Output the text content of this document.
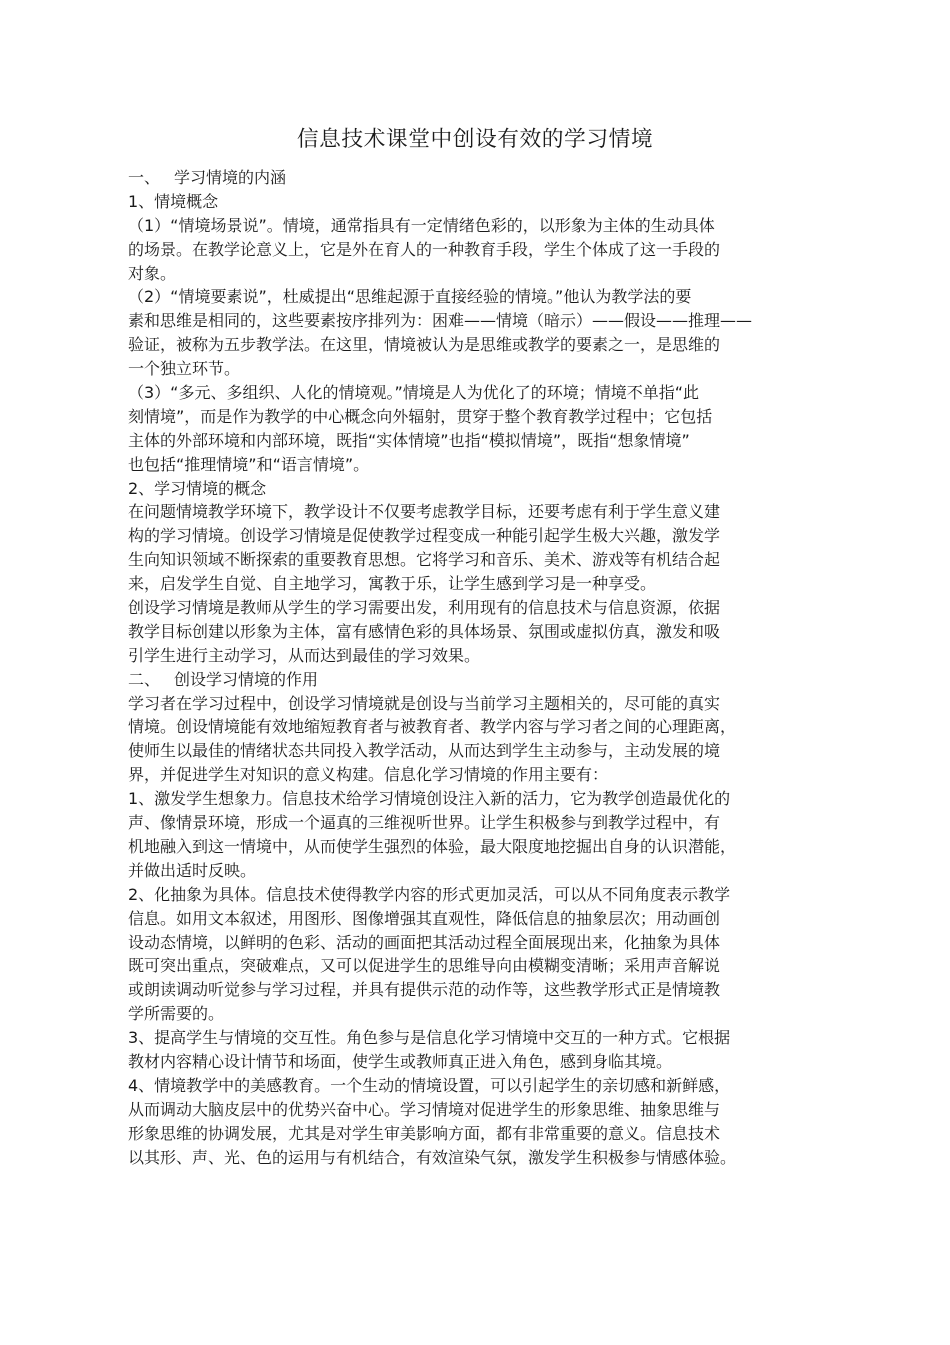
信息技术课堂中创设有效的学习情境
一、 学习情境的内涵
1、情境概念
（1）“情境场景说”。情境，通常指具有一定情绪色彩的，以形象为主体的生动具体
的场景。在教学论意义上，它是外在育人的一种教育手段，学生个体成了这一手段的
对象。
（2）“情境要素说”，杜威提出“思维起源于直接经验的情境。”他认为教学法的要
素和思维是相同的，这些要素按序排列为：困难——情境（暗示）——假设——推理——
验证，被称为五步教学法。在这里，情境被认为是思维或教学的要素之一，是思维的
一个独立环节。
（3）“多元、多组织、人化的情境观。”情境是人为优化了的环境；情境不单指“此
刻情境”，而是作为教学的中心概念向外辐射，贯穿于整个教育教学过程中；它包括
主体的外部环境和内部环境，既指“实体情境”也指“模拟情境”，既指“想象情境”
也包括“推理情境”和“语言情境”。
2、学习情境的概念
在问题情境教学环境下，教学设计不仅要考虑教学目标，还要考虑有利于学生意义建
构的学习情境。创设学习情境是促使教学过程变成一种能引起学生极大兴趣，激发学
生向知识领域不断探索的重要教育思想。它将学习和音乐、美术、游戏等有机结合起
来，启发学生自觉、自主地学习，寓教于乐，让学生感到学习是一种享受。
创设学习情境是教师从学生的学习需要出发，利用现有的信息技术与信息资源，依据
教学目标创建以形象为主体，富有感情色彩的具体场景、氛围或虚拟仿真，激发和吸
引学生进行主动学习，从而达到最佳的学习效果。
二、 创设学习情境的作用
学习者在学习过程中，创设学习情境就是创设与当前学习主题相关的，尽可能的真实
情境。创设情境能有效地缩短教育者与被教育者、教学内容与学习者之间的心理距离，
使师生以最佳的情绪状态共同投入教学活动，从而达到学生主动参与，主动发展的境
界，并促进学生对知识的意义构建。信息化学习情境的作用主要有：
1、激发学生想象力。信息技术给学习情境创设注入新的活力，它为教学创造最优化的
声、像情景环境，形成一个逼真的三维视听世界。让学生积极参与到教学过程中，有
机地融入到这一情境中，从而使学生强烈的体验，最大限度地挖掘出自身的认识潜能，
并做出适时反映。
2、化抽象为具体。信息技术使得教学内容的形式更加灵活，可以从不同角度表示教学
信息。如用文本叙述，用图形、图像增强其直观性，降低信息的抽象层次；用动画创
设动态情境，以鲜明的色彩、活动的画面把其活动过程全面展现出来，化抽象为具体
既可突出重点，突破难点，又可以促进学生的思维导向由模糊变清晰；采用声音解说
或朗读调动听觉参与学习过程，并具有提供示范的动作等，这些教学形式正是情境教
学所需要的。
3、提高学生与情境的交互性。角色参与是信息化学习情境中交互的一种方式。它根据
教材内容精心设计情节和场面，使学生或教师真正进入角色，感到身临其境。
4、情境教学中的美感教育。一个生动的情境设置，可以引起学生的亲切感和新鲜感，
从而调动大脑皮层中的优势兴奋中心。学习情境对促进学生的形象思维、抽象思维与
形象思维的协调发展，尤其是对学生审美影响方面，都有非常重要的意义。信息技术
以其形、声、光、色的运用与有机结合，有效渲染气氛，激发学生积极参与情感体验。
